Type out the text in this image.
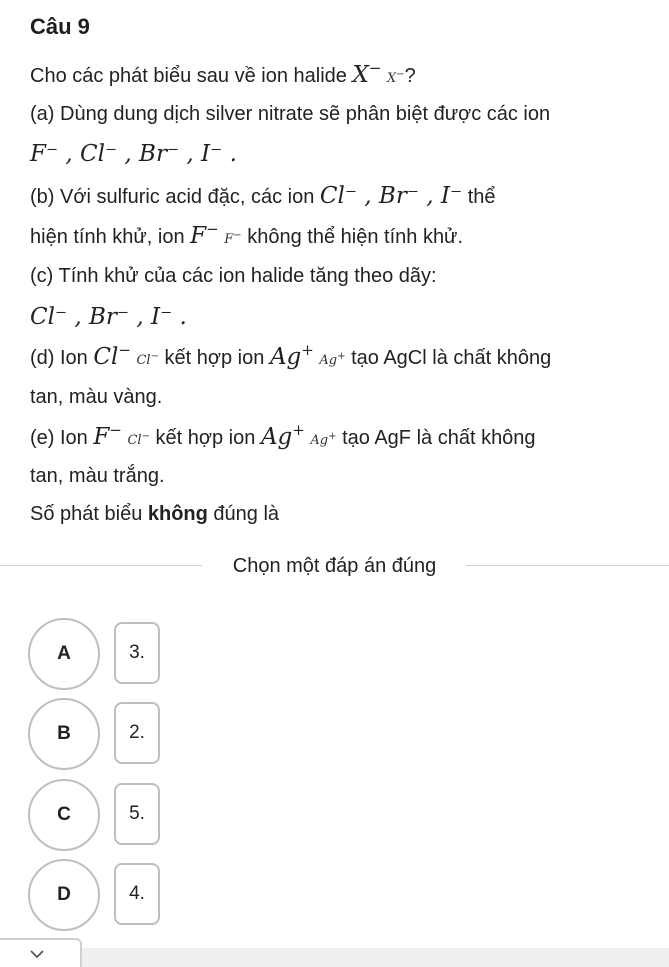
Câu 9
Cho các phát biểu sau về ion halide X− X−?
(a) Dùng dung dịch silver nitrate sẽ phân biệt được các ion
F⁻ , Cl⁻ , Br⁻ , I⁻ .
(b) Với sulfuric acid đặc, các ion Cl⁻ , Br⁻ , I⁻ thể
hiện tính khử, ion F− F− không thể hiện tính khử.
(c) Tính khử của các ion halide tăng theo dãy:
Cl⁻ , Br⁻ , I⁻ .
(d) Ion Cl− Cl− kết hợp ion Ag+ Ag+ tạo AgCl là chất không
tan, màu vàng.
(e) Ion F− Cl− kết hợp ion Ag+ Ag+ tạo AgF là chất không
tan, màu trắng.
Số phát biểu không đúng là
Chọn một đáp án đúng
A	3.
B	2.
C	5.
D	4.
